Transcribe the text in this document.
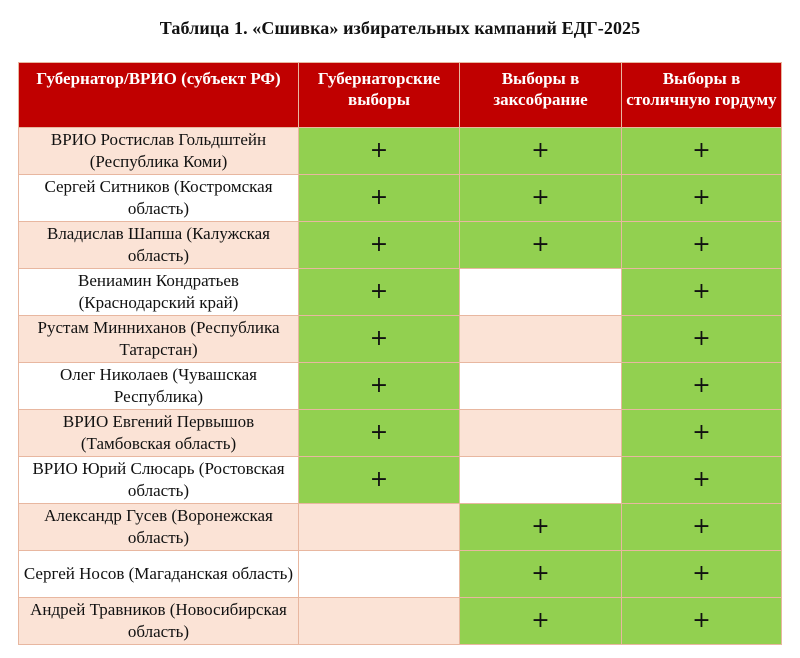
Таблица 1. «Сшивка» избирательных кампаний ЕДГ-2025
Губернатор/ВРИО (субъект РФ)	Губернаторские выборы	Выборы в заксобрание	Выборы в столичную гордуму
ВРИО Ростислав Гольдштейн (Республика Коми)	+	+	+
Сергей Ситников (Костромская область)	+	+	+
Владислав Шапша (Калужская область)	+	+	+
Вениамин Кондратьев (Краснодарский край)	+		+
Рустам Минниханов (Республика Татарстан)	+		+
Олег Николаев (Чувашская Республика)	+		+
ВРИО Евгений Первышов (Тамбовская область)	+		+
ВРИО Юрий Слюсарь (Ростовская область)	+		+
Александр Гусев (Воронежская область)		+	+
Сергей Носов (Магаданская область)		+	+
Андрей Травников (Новосибирская область)		+	+
